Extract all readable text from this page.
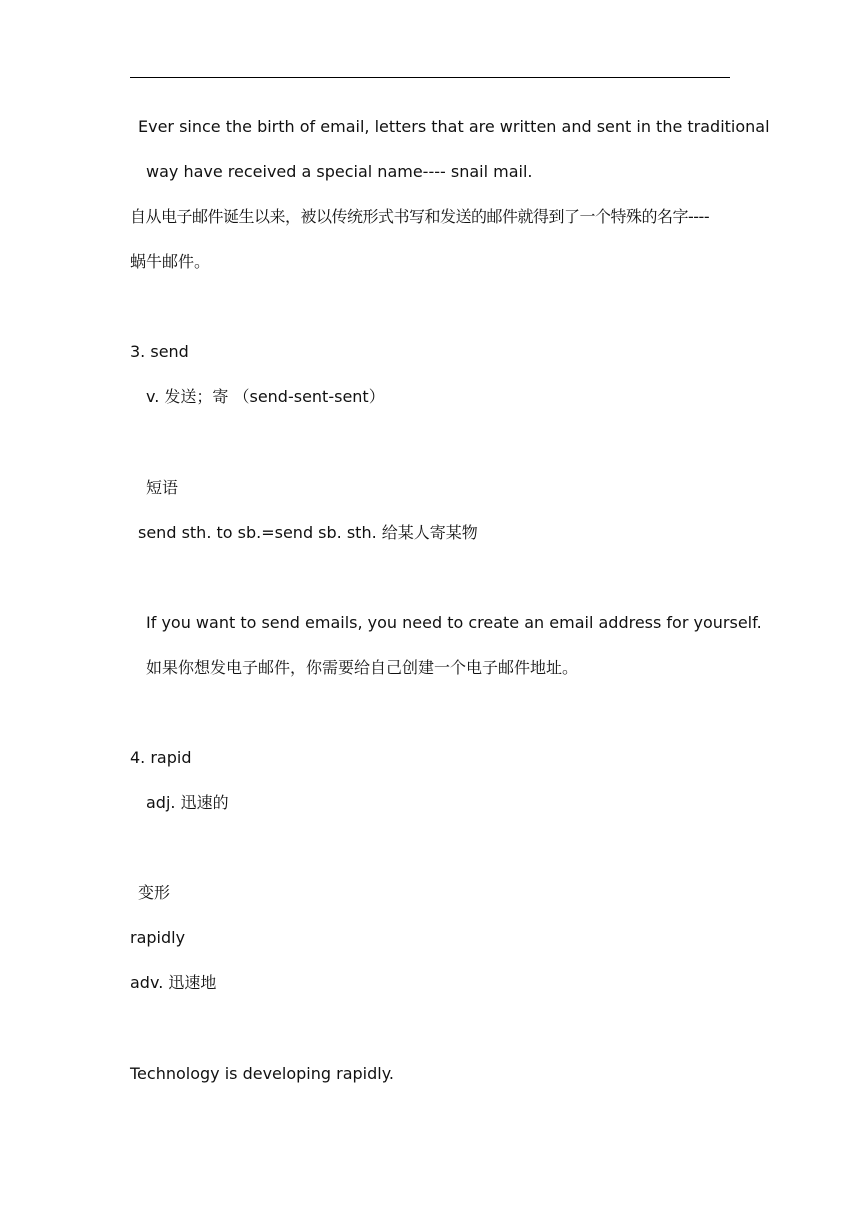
Ever since the birth of email, letters that are written and sent in the traditional
way have received a special name---- snail mail.
自从电子邮件诞生以来，被以传统形式书写和发送的邮件就得到了一个特殊的名字----
蜗牛邮件。
3. send
v. 发送；寄 （send-sent-sent）
短语
send sth. to sb.=send sb. sth. 给某人寄某物
If you want to send emails, you need to create an email address for yourself.
如果你想发电子邮件，你需要给自己创建一个电子邮件地址。
4. rapid
adj. 迅速的
变形
rapidly
adv. 迅速地
Technology is developing rapidly.
